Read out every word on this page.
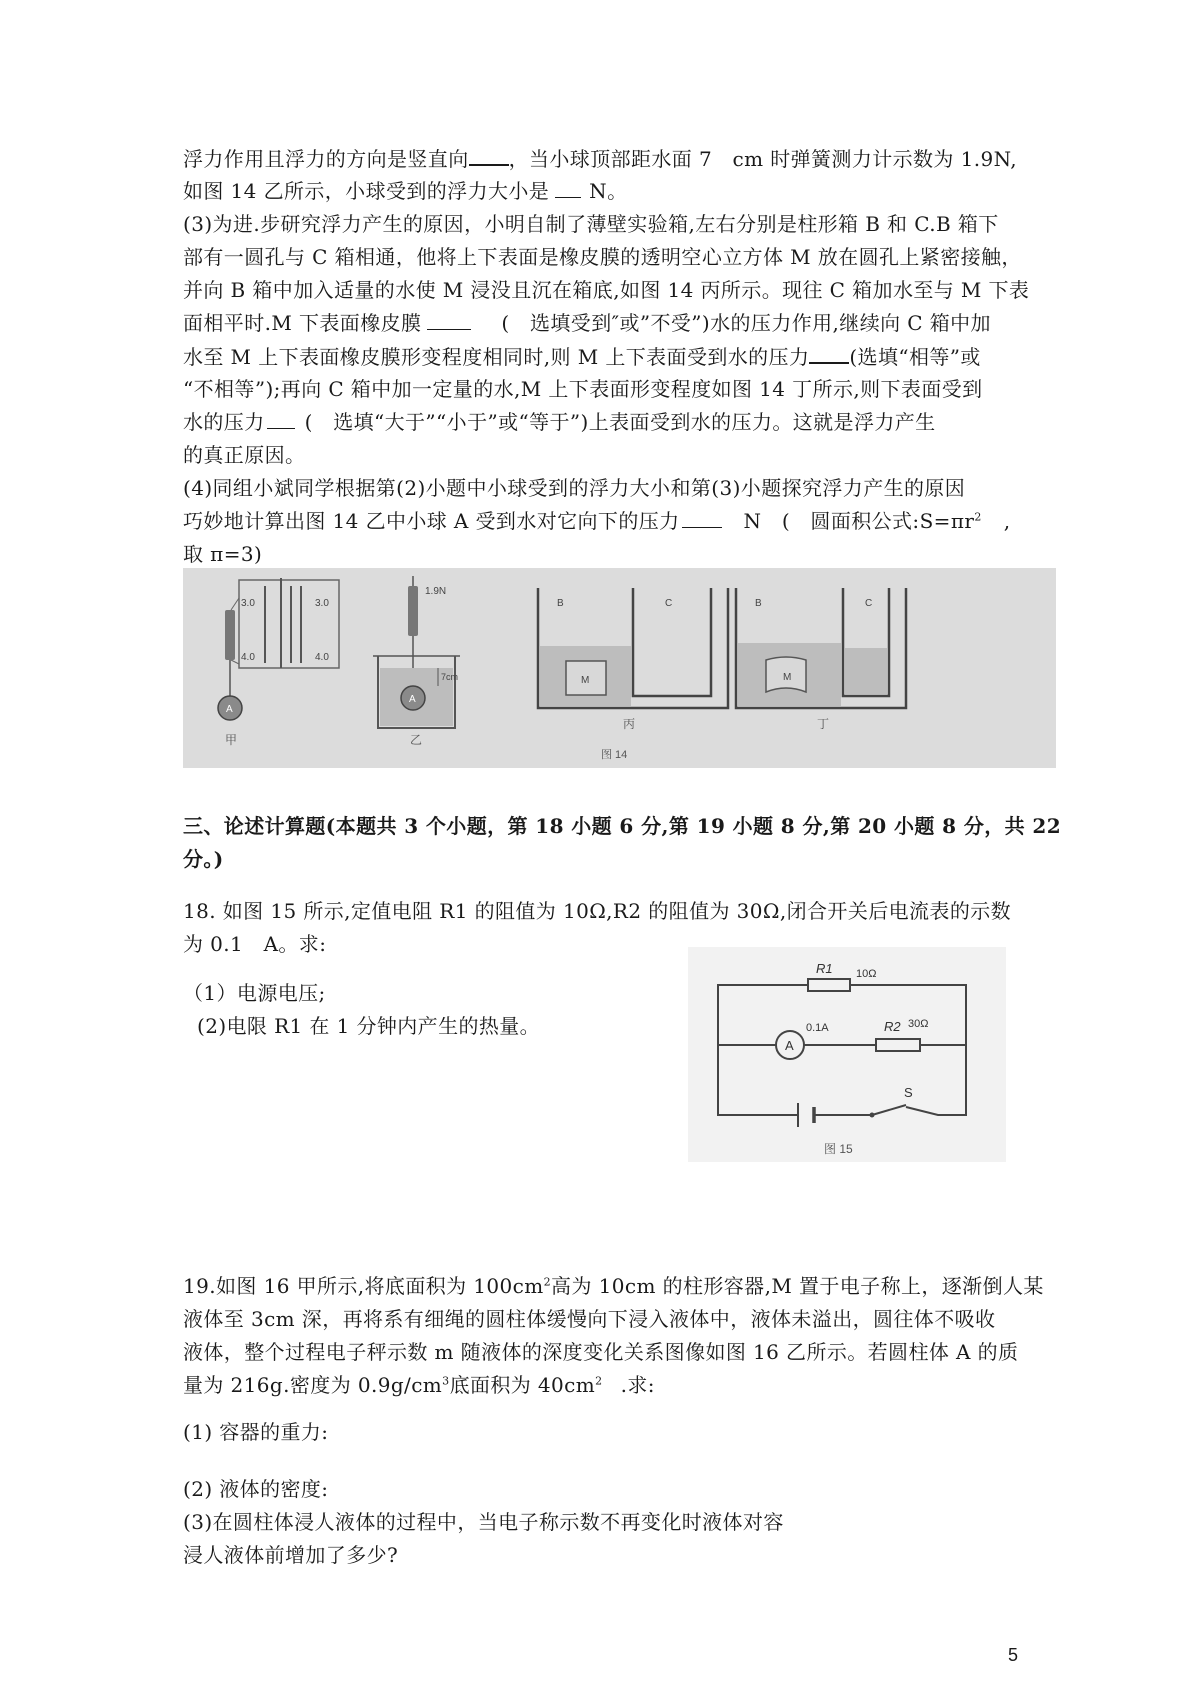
浮力作用且浮力的方向是竖直向 ，当小球顶部距水面 7　cm 时弹簧测力计示数为 1.9N,
如图 14 乙所示，小球受到的浮力大小是 N。
(3)为进.步研究浮力产生的原因，小明自制了薄壁实验箱,左右分别是柱形箱 B 和 C.B 箱下
部有一圆孔与 C 箱相通，他将上下表面是橡皮膜的透明空心立方体 M 放在圆孔上紧密接触，
并向 B 箱中加入适量的水使 M 浸没且沉在箱底,如图 14 丙所示。现往 C 箱加水至与 M 下表
面相平时.M 下表面橡皮膜	(　选填受到″或”不受”)水的压力作用,继续向 C 箱中加
水至 M 上下表面橡皮膜形变程度相同时,则 M 上下表面受到水的压力 (选填“相等”或
“不相等”);再向 C 箱中加一定量的水,M 上下表面形变程度如图 14 丁所示,则下表面受到
水的压力 (　选填“大于”“小于”或“等于”)上表面受到水的压力。这就是浮力产生
的真正原因。
(4)同组小斌同学根据第(2)小题中小球受到的浮力大小和第(3)小题探究浮力产生的原因
巧妙地计算出图 14 乙中小球 A 受到水对它向下的压力	N　(　圆面积公式$:S=\pi r^2$ ,
取 π=3)
3.0	3.0
4.0	4.0
A
甲
1.9N
A
7cm
乙
M
B	C
丙
M
B	C
丁
图 14
三、论述计算题(本题共 3 个小题，第 18 小题 6 分,第 19 小题 8 分,第 20 小题 8 分，共 22
分。)
18. 如图 15 所示,定值电阻 R1 的阻值为 10Ω,R2 的阻值为 30Ω,闭合开关后电流表的示数
为 0.1　A。求:
（1）电源电压;
(2)电限 R1 在 1 分钟内产生的热量。
R1 10Ω
A
0.1A	R2 30Ω
S
图 15
19.如图 16 甲所示,将底面积为 $100cm^2$高为 10cm 的柱形容器,M 置于电子称上，逐渐倒人某
液体至 3cm 深，再将系有细绳的圆柱体缓慢向下浸入液体中，液体未溢出，圆往体不吸收
液体，整个过程电子秤示数 m 随液体的深度变化关系图像如图 16 乙所示。若圆柱体 A 的质
量为 216g.密度为 $0.9g/cm^3$底面积为 $40cm^2$ .求:
(1) 容器的重力:
(2) 液体的密度:
(3)在圆柱体浸人液体的过程中，当电子称示数不再变化时液体对容
浸人液体前增加了多少?
5
